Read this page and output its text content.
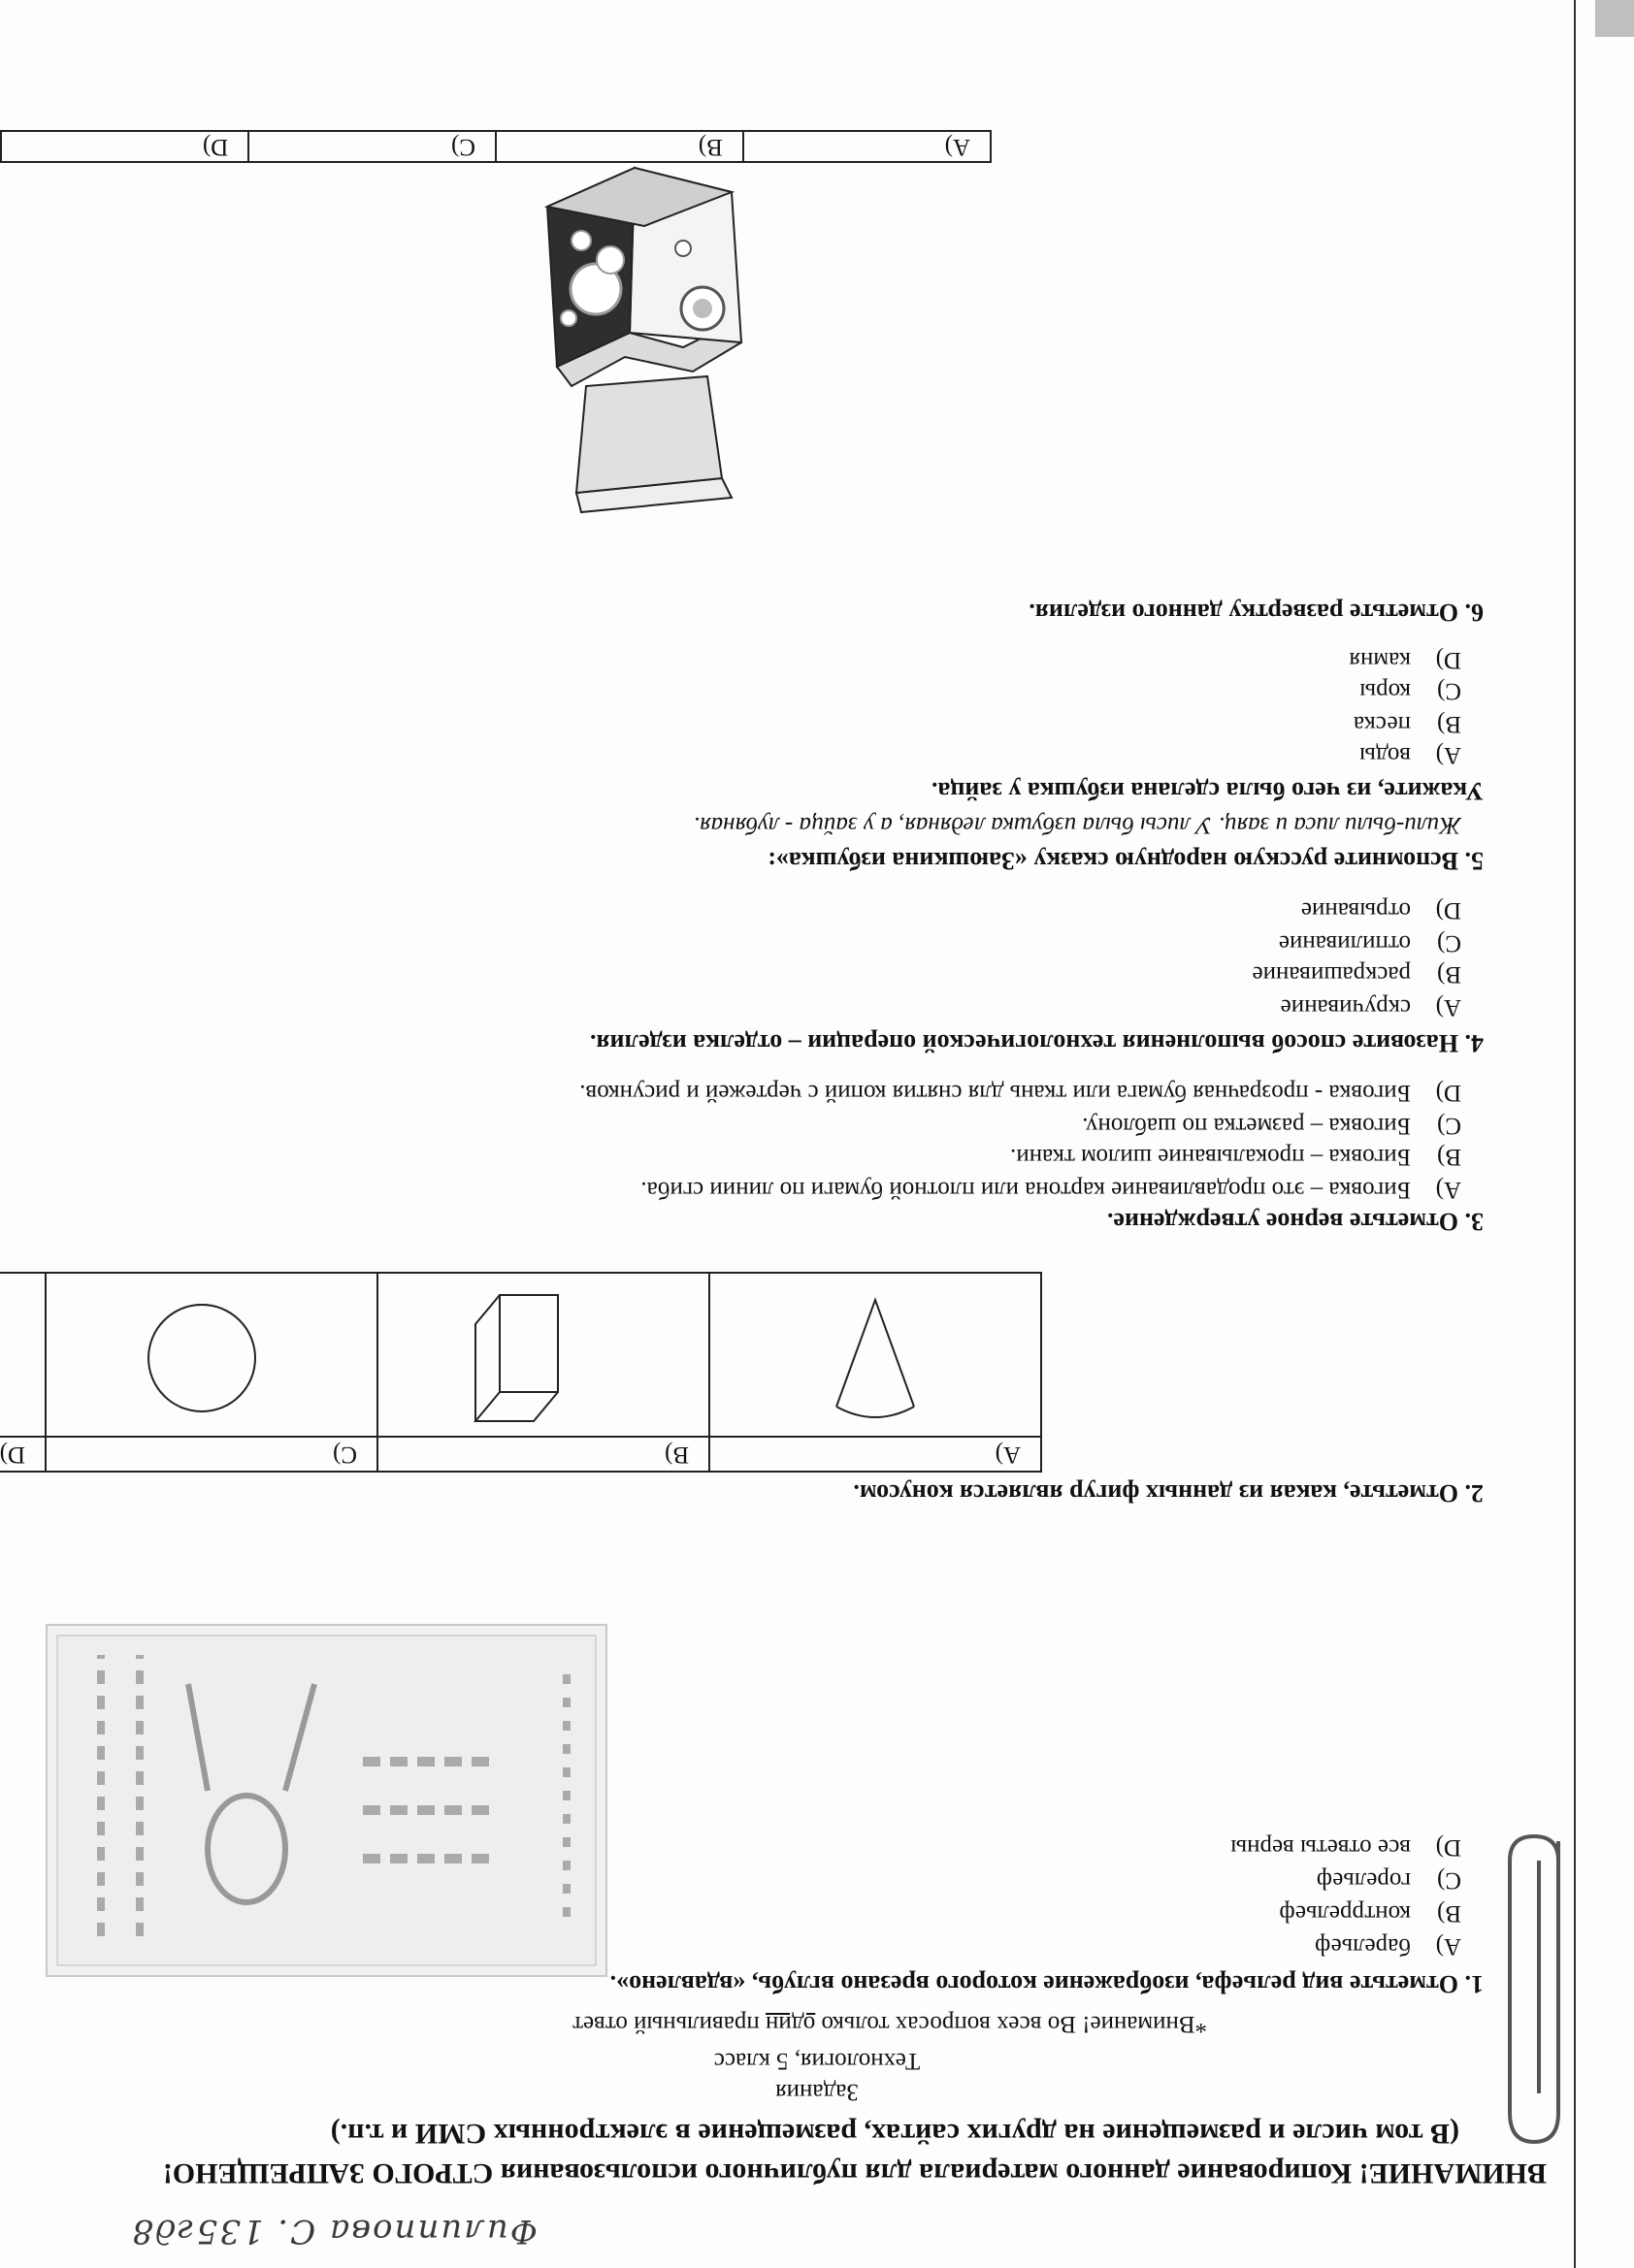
Филиппова С. 135гд8
ВНИМАНИЕ! Копирование данного материала для публичного использования СТРОГО ЗАПРЕЩЕНО!
(В том числе и размещение на других сайтах, размещение в электронных СМИ и т.п.)
Задания
Технология, 5 класс
*Внимание! Во всех вопросах только один правильный ответ
1. Отметьте вид рельефа, изображение которого врезано вглубь, «вдавлено».
A)барельеф
B)контррельеф
C)горельеф
D)все ответы верны
2. Отметьте, какая из данных фигур является конусом.
A)	B)	C)	D)

3. Отметьте верное утверждение.
A)Биговка – это продавливание картона или плотной бумаги по линии сгиба.
B)Биговка – прокалывание шилом ткани.
C)Биговка – разметка по шаблону.
D)Биговка - прозрачная бумага или ткань для снятия копий с чертежей и рисунков.
4. Назовите способ выполнения технологической операции – отделка изделия.
A)скручивание
B)раскрашивание
C)отпиливание
D)отрывание
5. Вспомните русскую народную сказку «Заюшкина избушка»:
Жили-были лиса и заяц. У лисы была избушка ледяная, а у зайца - лубяная.
Укажите, из чего была сделана избушка у зайца.
A)воды
B)песка
C)коры
D)камня
6. Отметьте развертку данного изделия.
A)	B)	C)	D)
